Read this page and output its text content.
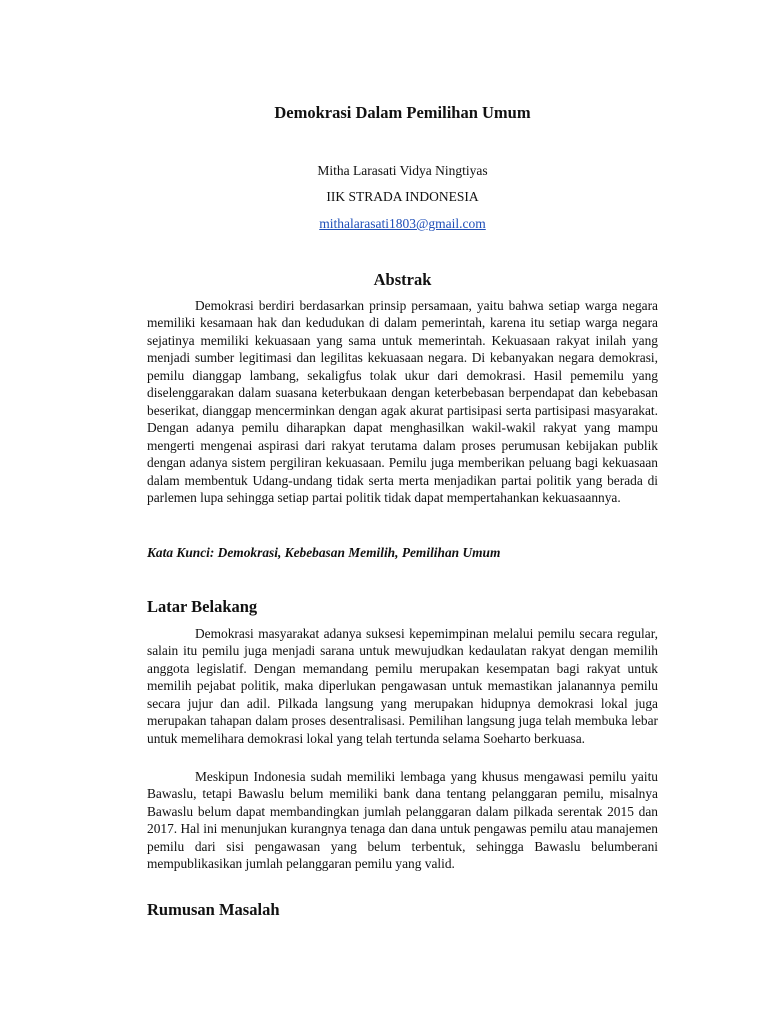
Demokrasi Dalam Pemilihan Umum
Mitha Larasati Vidya Ningtiyas
IIK STRADA INDONESIA
mithalarasati1803@gmail.com
Abstrak

Demokrasi berdiri berdasarkan prinsip persamaan, yaitu bahwa setiap warga negara memiliki kesamaan hak dan kedudukan di dalam pemerintah, karena itu setiap warga negara sejatinya memiliki kekuasaan yang sama untuk memerintah. Kekuasaan rakyat inilah yang menjadi sumber legitimasi dan legilitas kekuasaan negara. Di kebanyakan negara demokrasi, pemilu dianggap lambang, sekaligfus tolak ukur dari demokrasi. Hasil pememilu yang diselenggarakan dalam suasana keterbukaan dengan keterbebasan berpendapat dan kebebasan beserikat, dianggap mencerminkan dengan agak akurat partisipasi serta partisipasi masyarakat. Dengan adanya pemilu diharapkan dapat menghasilkan wakil-wakil rakyat yang mampu mengerti mengenai aspirasi dari rakyat terutama dalam proses perumusan kebijakan publik dengan adanya sistem pergiliran kekuasaan. Pemilu juga memberikan peluang bagi kekuasaan dalam membentuk Udang-undang tidak serta merta menjadikan partai politik yang berada di parlemen lupa sehingga setiap partai politik tidak dapat mempertahankan kekuasaannya.

Kata Kunci: Demokrasi, Kebebasan Memilih, Pemilihan Umum
Latar Belakang

Demokrasi masyarakat adanya suksesi kepemimpinan melalui pemilu secara regular, salain itu pemilu juga menjadi sarana untuk mewujudkan kedaulatan rakyat dengan memilih anggota legislatif. Dengan memandang pemilu merupakan kesempatan bagi rakyat untuk memilih pejabat politik, maka diperlukan pengawasan untuk memastikan jalanannya pemilu secara jujur dan adil. Pilkada langsung yang merupakan hidupnya demokrasi lokal juga merupakan tahapan dalam proses desentralisasi. Pemilihan langsung juga telah membuka lebar untuk memelihara demokrasi lokal yang telah tertunda selama Soeharto berkuasa.

Meskipun Indonesia sudah memiliki lembaga yang khusus mengawasi pemilu yaitu Bawaslu, tetapi Bawaslu belum memiliki bank dana tentang pelanggaran pemilu, misalnya Bawaslu belum dapat membandingkan jumlah pelanggaran dalam pilkada serentak 2015 dan 2017. Hal ini menunjukan kurangnya tenaga dan dana untuk pengawas pemilu atau manajemen pemilu dari sisi pengawasan yang belum terbentuk, sehingga Bawaslu belumberani mempublikasikan jumlah pelanggaran pemilu yang valid.

Rumusan Masalah
